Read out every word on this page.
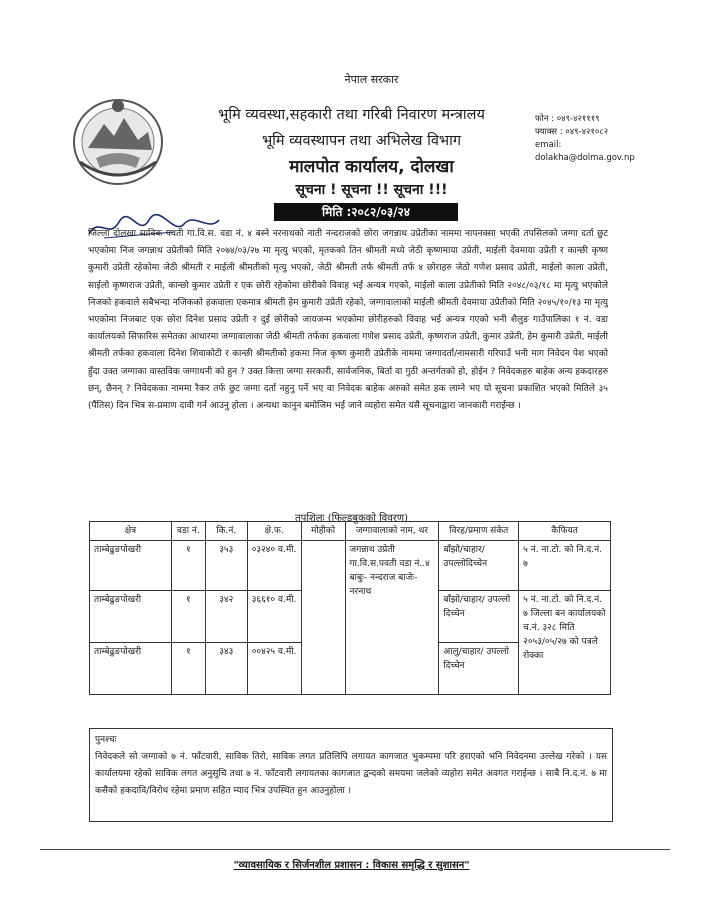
नेपाल सरकार
भूमि व्यवस्था,सहकारी तथा गरिबी निवारण मन्त्रालय
भूमि व्यवस्थापन तथा अभिलेख विभाग
मालपोत कार्यालय, दोलखा
सूचना ! सूचना !! सूचना !!!
मिति :२०८२/०३/२४
फोन : ०४९-४२१११९
फ्याक्स : ०४९-४२१०८२
email:
dolakha@dolma.gov.np

जिल्ला दोलखा साविक पवती गा.वि.स. वडा नं. ४ बस्ने नरनाथको नाती नन्दराजको छोरा जगन्नाथ उप्रेतीका नाममा नापनक्सा भएकी तपसिलको जग्गा दर्ता छुट भएकोमा निज जगन्नाथ उप्रेतीको मिति २०७४/०३/२७ मा मृत्यु भएको, मृतकको तिन श्रीमती मध्ये जेठी कृष्णमाया उप्रेती, माईली देवमाया उप्रेती र कान्छी कृष्ण कुमारी उप्रेती रहेकोमा जेठी श्रीमती र माईली श्रीमतीको मृत्यु भएको, जेठी श्रीमती तर्फ श्रीमती तर्फ ४ छोराहरु जेठो गणेश प्रसाद उप्रेती, माईलो काला उप्रेती, साईलो कृष्णराज उप्रेती, कान्छो कुमार उप्रेती र एक छोरी रहेकोमा छोरीको विवाह भई अन्यत्र गएको, माईलो काला उप्रेतीको मिति २०४८/०३/१८ मा मृत्यु भएकोले निजको हकवाले सबैभन्दा नजिकको हकवाला एकमात्र श्रीमती हेम कुमारी उप्रेती रहेको, जग्गावालाको माईली श्रीमती देवमाया उप्रेतीको मिति २०४५/१०/१३ मा मृत्यु भएकोमा निजबाट एक छोरा दिनेश प्रसाद उप्रेती र दुई छोरीको जायजन्म भएकोमा छोरीहरुको विवाह भई अन्यत्र गएको भनी शैलुङ गाउँपालिका १ नं. वडा कार्यालयको सिफारिस समेतका आधारमा जग्गावालाका जेठी श्रीमती तर्फका हकवाला गणेश प्रसाद उप्रेती, कृष्णराज उप्रेती, कुमार उप्रेती, हेम कुमारी उप्रेती, माईली श्रीमती तर्फका हकवाला दिनेश शिवाकोटी र कान्छी श्रीमतीको हकमा निज कृष्ण कुमारी उप्रेतीके नाममा जग्गादर्ता/नामसारी गरिपाउँ भनी माग निवेदन पेश भएको हुँदा उक्त जग्गाका वास्तविक जग्गाधनी को हुन ? उक्त कित्ता जग्गा सरकारी, सार्वजनिक, बिर्ता वा गुठी अन्तर्गतको हो, होईन ? निवेदकहरु बाहेक अन्य हकदारहरु छन्, छैनन् ? निवेदकका नाममा रैकर तर्फ छुट जग्गा दर्ता नहुनु पर्ने भए वा निवेदक बाहेक अरुको समेत हक लाग्ने भए यो सूचना प्रकाशित भएको मितिले ३५ (पैंतिस) दिन भित्र स-प्रमाण दावी गर्न आउनु होला । अन्यथा कानुन बमोजिम भई जाने व्यहोरा समेत यसै सूचनाद्वारा जानकारी गराईन्छ ।

तपशिलः (फिल्डबुकको विवरण)
क्षेत्र	वडा नं.	कि.नं.	क्षे.फ.	मोहीको	जग्गावालाको नाम, थर	विरह/प्रमाण संकेत	कैफियत
ताम्बेढुङपोखरी	१	३५३	०३२४० व.मी.		जगन्नाथ उप्रेती गा.वि.स.पवती वडा नं..४ बाबुः- नन्दराज बाजेः- नरनाथ	बाँझो/चाहार/ उपल्लोदिच्चेन	५ नं. ना.टो. को नि.द.नं. ७
ताम्बेढुङपोखरी	१	३४२	३६६१० व.मी.			बाँझो/चाहार/ उपल्लो दिच्चेन	५ नं. ना.टो. को नि.द.नं. ७ जिल्ला बन कार्यालयको च.नं. ३२८ मिति २०५३/०५/२७ को पत्रले रोक्का
ताम्बेढुङपोखरी	१	३४३	००४२५ व.मी.			आलु/चाहार/ उपल्लो दिच्चेन	
पुनश्चः
निवेदकले सो जग्गाको ७ नं. फाँटवारी, साविक तिरो, साविक लगत प्रतिलिपि लगायत कागजात भुकम्पमा परि हराएको भनि निवेदनमा उल्लेख गरेको । यस कार्यालयमा रहेको साविक लगत अनुसुचि तथा ७ नं. फाँटवारी लगायतका कागजात द्वन्दको समयमा जलेको व्यहोरा समेत अवगत गराईन्छ । साबै नि.द.नं. ७ मा कसैको हकदावि/विरोध रहेमा प्रमाण सहित म्याद भित्र उपस्थित हुन आउनुहोला ।
"व्यावसायिक र सिर्जनशील प्रशासन : विकास समृद्धि र सुशासन"
